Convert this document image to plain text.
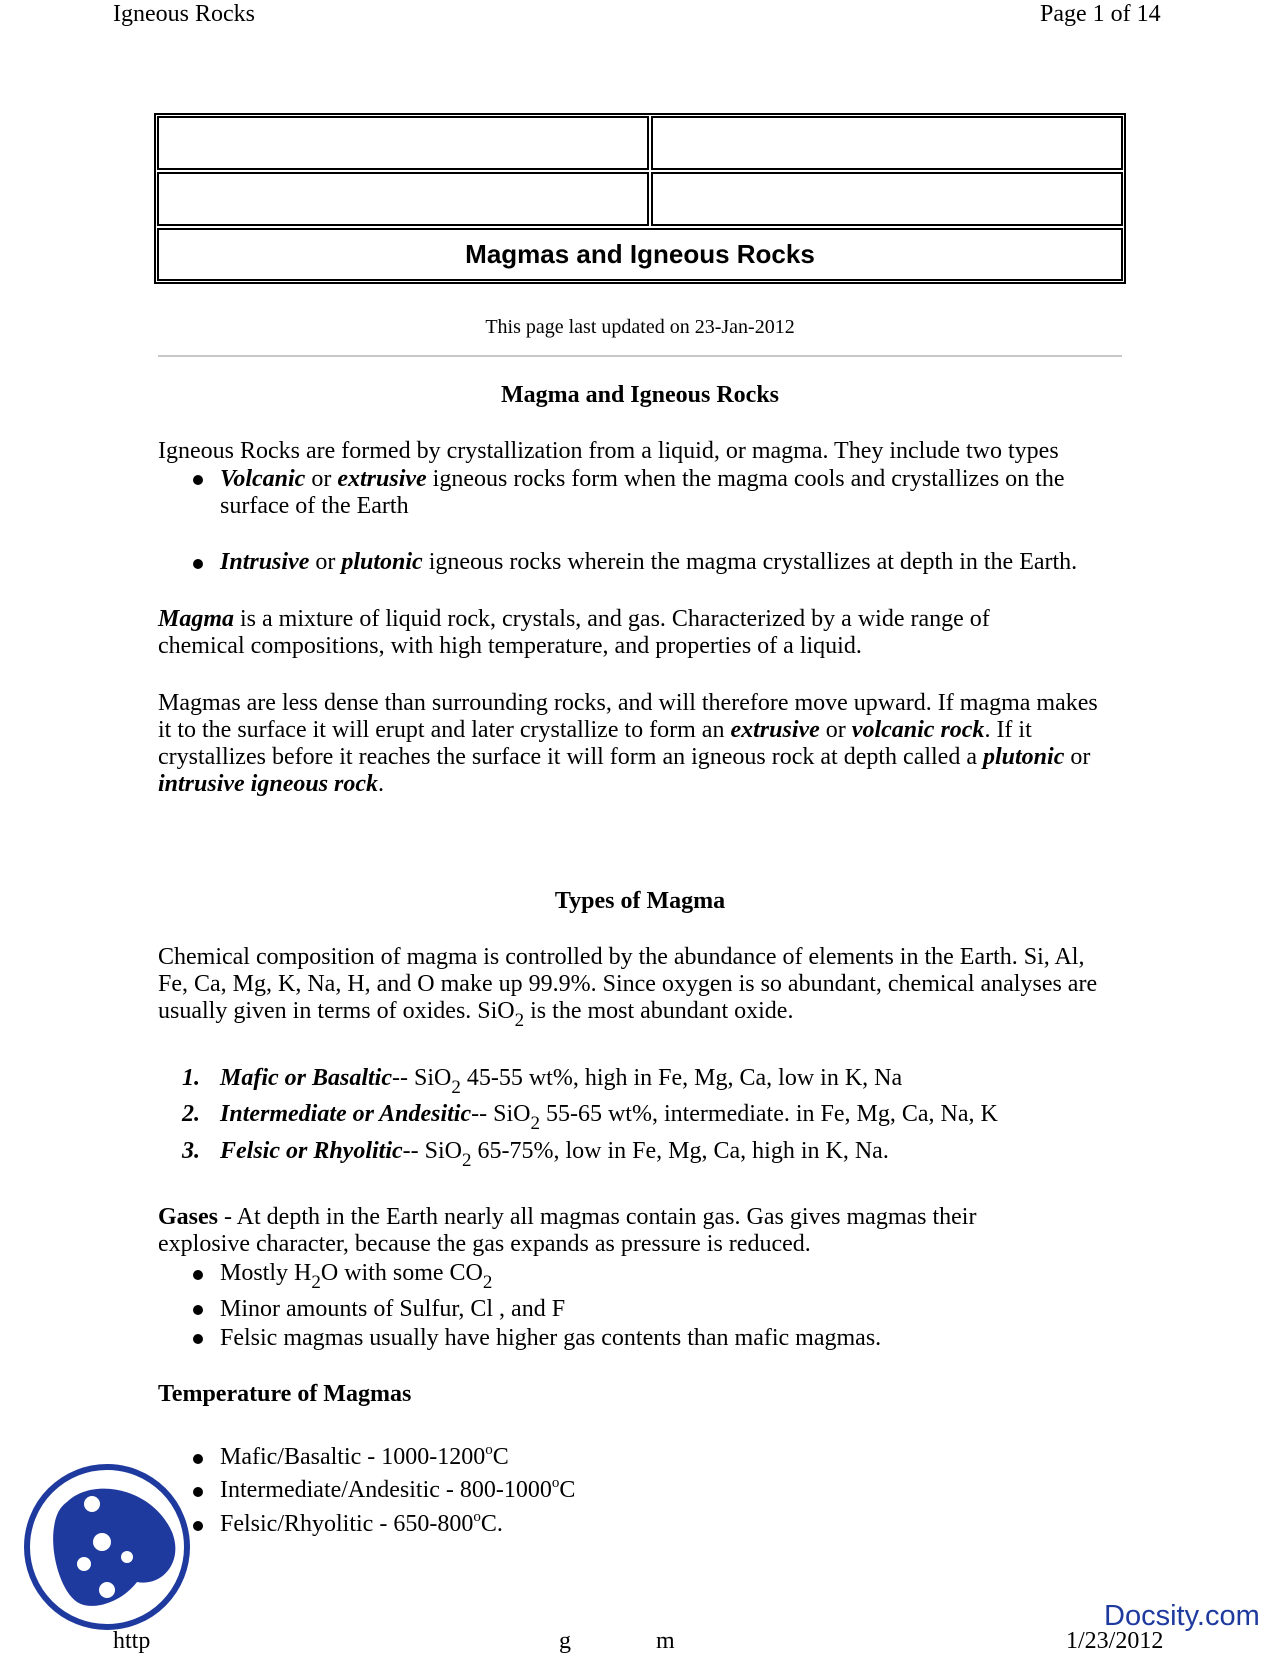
Igneous Rocks	Page 1 of 14
Magmas and Igneous Rocks
This page last updated on 23-Jan-2012
Magma and Igneous Rocks
Igneous Rocks are formed by crystallization from a liquid, or magma. They include two types
Volcanic or extrusive igneous rocks form when the magma cools and crystallizes on the surface of the Earth
Intrusive or plutonic igneous rocks wherein the magma crystallizes at depth in the Earth.
Magma is a mixture of liquid rock, crystals, and gas. Characterized by a wide range of chemical compositions, with high temperature, and properties of a liquid.
Magmas are less dense than surrounding rocks, and will therefore move upward. If magma makes it to the surface it will erupt and later crystallize to form an extrusive or volcanic rock. If it crystallizes before it reaches the surface it will form an igneous rock at depth called a plutonic or intrusive igneous rock.
Types of Magma
Chemical composition of magma is controlled by the abundance of elements in the Earth. Si, Al, Fe, Ca, Mg, K, Na, H, and O make up 99.9%. Since oxygen is so abundant, chemical analyses are usually given in terms of oxides. SiO$_2$ is the most abundant oxide.
1. Mafic or Basaltic-- SiO$_2$ 45-55 wt%, high in Fe, Mg, Ca, low in K, Na
2. Intermediate or Andesitic-- SiO$_2$ 55-65 wt%, intermediate. in Fe, Mg, Ca, Na, K
3. Felsic or Rhyolitic-- SiO$_2$ 65-75%, low in Fe, Mg, Ca, high in K, Na.
Gases - At depth in the Earth nearly all magmas contain gas. Gas gives magmas their explosive character, because the gas expands as pressure is reduced.
Mostly $H_2O$ with some $CO_2$
Minor amounts of Sulfur, Cl , and F
Felsic magmas usually have higher gas contents than mafic magmas.
Temperature of Magmas
Mafic/Basaltic - 1000-1200$^o$C
Intermediate/Andesitic - 800-1000$^o$C
Felsic/Rhyolitic - 650-800$^o$C.
Docsity.com
http	g	m	1/23/2012
